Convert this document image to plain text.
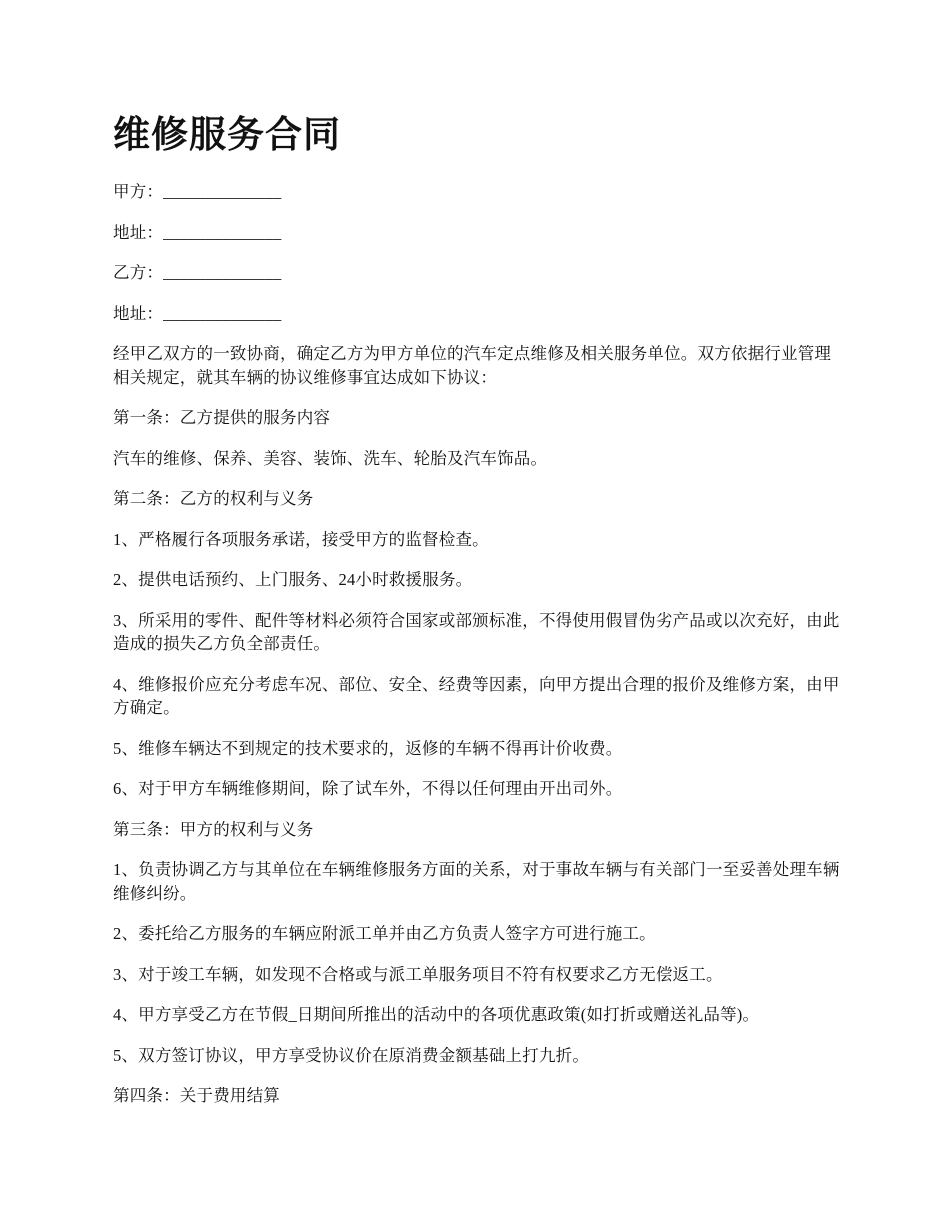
维修服务合同

甲方：______________

地址：______________

乙方：______________

地址：______________

经甲乙双方的一致协商，确定乙方为甲方单位的汽车定点维修及相关服务单位。双方依据行业管理相关规定，就其车辆的协议维修事宜达成如下协议：

第一条：乙方提供的服务内容

汽车的维修、保养、美容、装饰、洗车、轮胎及汽车饰品。

第二条：乙方的权利与义务

1、严格履行各项服务承诺，接受甲方的监督检查。

2、提供电话预约、上门服务、24小时救援服务。

3、所采用的零件、配件等材料必须符合国家或部颁标准，不得使用假冒伪劣产品或以次充好，由此造成的损失乙方负全部责任。

4、维修报价应充分考虑车况、部位、安全、经费等因素，向甲方提出合理的报价及维修方案，由甲方确定。

5、维修车辆达不到规定的技术要求的，返修的车辆不得再计价收费。

6、对于甲方车辆维修期间，除了试车外，不得以任何理由开出司外。

第三条：甲方的权利与义务

1、负责协调乙方与其单位在车辆维修服务方面的关系，对于事故车辆与有关部门一至妥善处理车辆维修纠纷。

2、委托给乙方服务的车辆应附派工单并由乙方负责人签字方可进行施工。

3、对于竣工车辆，如发现不合格或与派工单服务项目不符有权要求乙方无偿返工。

4、甲方享受乙方在节假_日期间所推出的活动中的各项优惠政策(如打折或赠送礼品等)。

5、双方签订协议，甲方享受协议价在原消费金额基础上打九折。

第四条：关于费用结算
